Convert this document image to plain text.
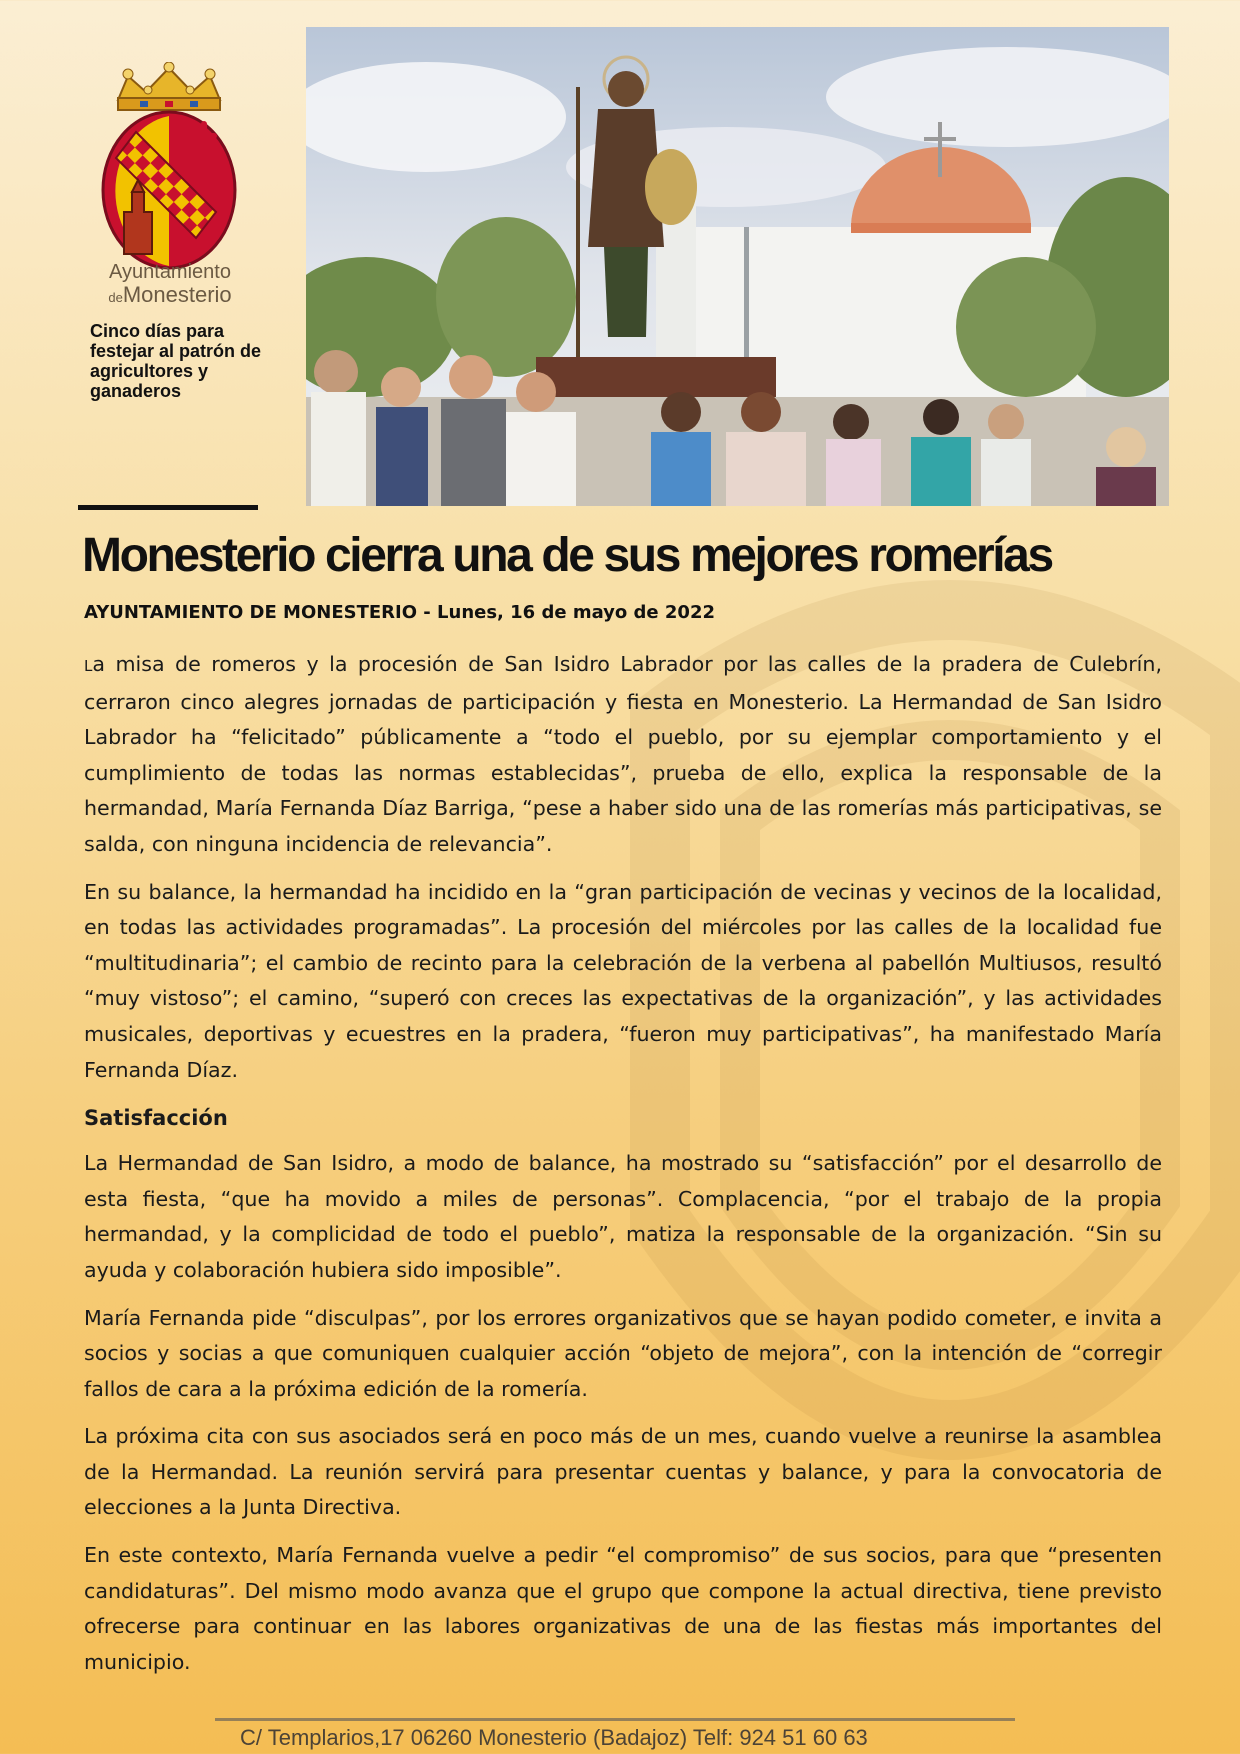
Ayuntamiento
deMonesterio
Cinco días para festejar al patrón de agricultores y ganaderos
Monesterio cierra una de sus mejores romerías
AYUNTAMIENTO DE MONESTERIO - Lunes, 16 de mayo de 2022

La misa de romeros y la procesión de San Isidro Labrador por las calles de la pradera de Culebrín, cerraron cinco alegres jornadas de participación y fiesta en Monesterio. La Hermandad de San Isidro Labrador ha “felicitado” públicamente a “todo el pueblo, por su ejemplar comportamiento y el cumplimiento de todas las normas establecidas”, prueba de ello, explica la responsable de la hermandad, María Fernanda Díaz Barriga, “pese a haber sido una de las romerías más participativas, se salda, con ninguna incidencia de relevancia”.

En su balance, la hermandad ha incidido en la “gran participación de vecinas y vecinos de la localidad, en todas las actividades programadas”. La procesión del miércoles por las calles de la localidad fue “multitudinaria”; el cambio de recinto para la celebración de la verbena al pabellón Multiusos, resultó “muy vistoso”; el camino, “superó con creces las expectativas de la organización”, y las actividades musicales, deportivas y ecuestres en la pradera, “fueron muy participativas”, ha manifestado María Fernanda Díaz.

Satisfacción

La Hermandad de San Isidro, a modo de balance, ha mostrado su “satisfacción” por el desarrollo de esta fiesta, “que ha movido a miles de personas”. Complacencia, “por el trabajo de la propia hermandad, y la complicidad de todo el pueblo”, matiza la responsable de la organización. “Sin su ayuda y colaboración hubiera sido imposible”.

María Fernanda pide “disculpas”, por los errores organizativos que se hayan podido cometer, e invita a socios y socias a que comuniquen cualquier acción “objeto de mejora”, con la intención de “corregir fallos de cara a la próxima edición de la romería.

La próxima cita con sus asociados será en poco más de un mes, cuando vuelve a reunirse la asamblea de la Hermandad. La reunión servirá para presentar cuentas y balance, y para la convocatoria de elecciones a la Junta Directiva.

En este contexto, María Fernanda vuelve a pedir “el compromiso” de sus socios, para que “presenten candidaturas”. Del mismo modo avanza que el grupo que compone la actual directiva, tiene previsto ofrecerse para continuar en las labores organizativas de una de las fiestas más importantes del municipio.

C/ Templarios,17 06260 Monesterio (Badajoz) Telf: 924 51 60 63
